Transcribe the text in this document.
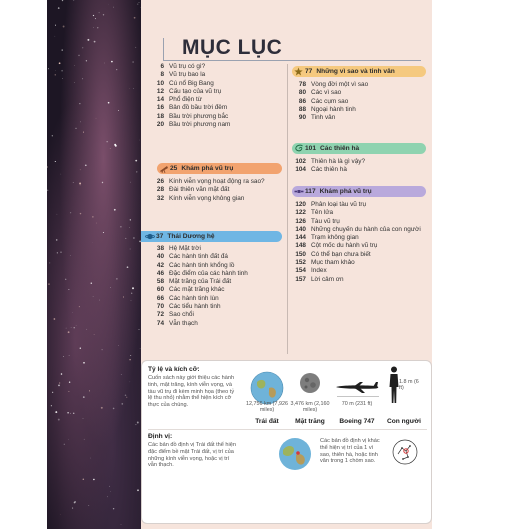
MỤC LỤC
6 Vũ trụ có gì?
8 Vũ trụ bao la
10 Cú nổ Big Bang
12 Cấu tạo của vũ trụ
14 Phổ điện từ
16 Bản đồ bầu trời đêm
18 Bầu trời phương bắc
20 Bầu trời phương nam
25 Khám phá vũ trụ
26 Kính viễn vọng hoạt động ra sao?
28 Đài thiên văn mặt đất
32 Kính viễn vọng không gian
37 Thái Dương hệ
38 Hệ Mặt trời
40 Các hành tinh đất đá
42 Các hành tinh khổng lồ
46 Đặc điểm của các hành tinh
58 Mặt trăng của Trái đất
60 Các mặt trăng khác
66 Các hành tinh lùn
70 Các tiểu hành tinh
72 Sao chổi
74 Vẫn thạch
77 Những vì sao và tinh vân
78 Vòng đời một vì sao
80 Các vì sao
86 Các cụm sao
88 Ngoại hành tinh
90 Tinh vân
101 Các thiên hà
102 Thiên hà là gì vậy?
104 Các thiên hà
117 Khám phá vũ trụ
120 Phân loại tàu vũ trụ
122 Tên lửa
126 Tàu vũ trụ
140 Những chuyến du hành của con người
144 Trạm không gian
148 Cột mốc du hành vũ trụ
150 Có thể bạn chưa biết
152 Mục tham khảo
154 Index
157 Lời cảm ơn
Tỷ lệ và kích cỡ:
Cuốn sách này giới thiệu các hành tinh, mặt trăng, kính viễn vọng, và tàu vũ trụ đi kèm minh họa (theo tỷ lệ thu nhỏ) nhằm thể hiện kích cỡ thực của chúng.	12,756 km (7,926 miles)
Trái đất
3,476 km (2,160 miles)
Mặt trăng
70 m (231 ft)
Boeing 747
1.8 m (6 ft)
Con người
Định vị:
Các bản đồ định vị Trái đất thể hiện đặc điểm bề mặt Trái đất, vị trí của những kính viễn vọng, hoặc vị trí vẫn thạch.
Các bản đồ định vị khác thể hiện vị trí của 1 vì sao, thiên hà, hoặc tinh vân trong 1 chòm sao.
